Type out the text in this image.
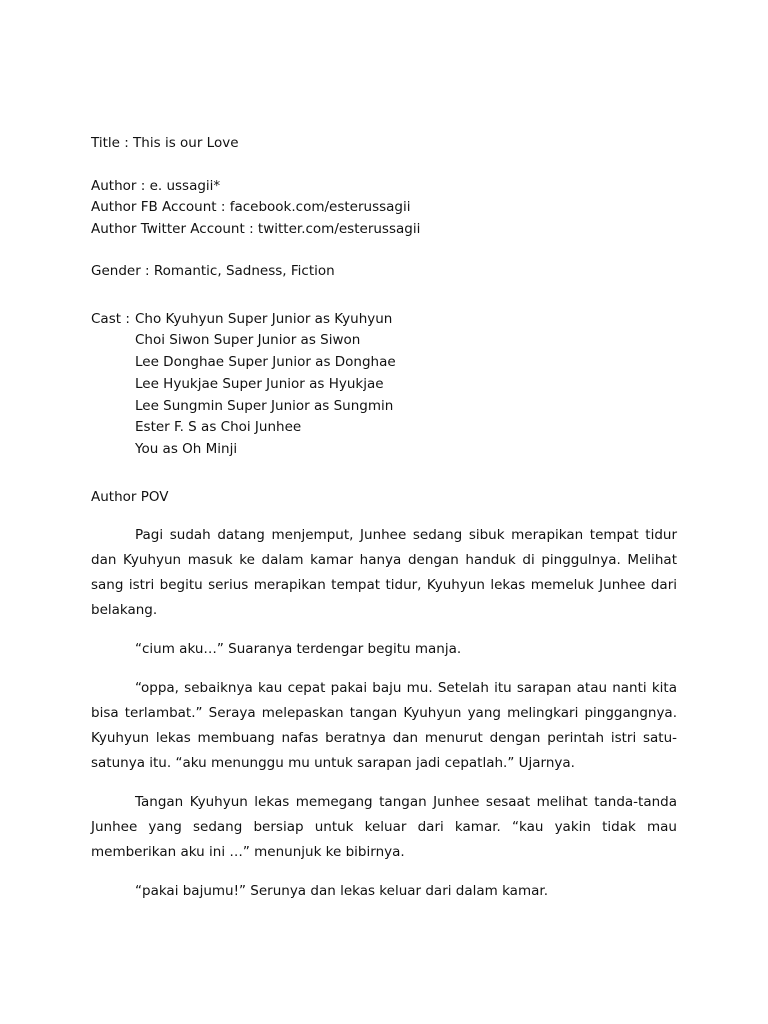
Title : This is our Love
Author : e. ussagii*
Author FB Account : facebook.com/esterussagii
Author Twitter Account : twitter.com/esterussagii
Gender : Romantic, Sadness, Fiction
Cast : Cho Kyuhyun Super Junior as Kyuhyun
Choi Siwon Super Junior as Siwon
Lee Donghae Super Junior as Donghae
Lee Hyukjae Super Junior as Hyukjae
Lee Sungmin Super Junior as Sungmin
Ester F. S as Choi Junhee
You as Oh Minji
Author POV

Pagi sudah datang menjemput, Junhee sedang sibuk merapikan tempat tidur dan Kyuhyun masuk ke dalam kamar hanya dengan handuk di pinggulnya. Melihat sang istri begitu serius merapikan tempat tidur, Kyuhyun lekas memeluk Junhee dari belakang.

“cium aku…” Suaranya terdengar begitu manja.

“oppa, sebaiknya kau cepat pakai baju mu. Setelah itu sarapan atau nanti kita bisa terlambat.” Seraya melepaskan tangan Kyuhyun yang melingkari pinggangnya. Kyuhyun lekas membuang nafas beratnya dan menurut dengan perintah istri satu-satunya itu. “aku menunggu mu untuk sarapan jadi cepatlah.” Ujarnya.

Tangan Kyuhyun lekas memegang tangan Junhee sesaat melihat tanda-tanda Junhee yang sedang bersiap untuk keluar dari kamar. “kau yakin tidak mau memberikan aku ini …” menunjuk ke bibirnya.

“pakai bajumu!” Serunya dan lekas keluar dari dalam kamar.
